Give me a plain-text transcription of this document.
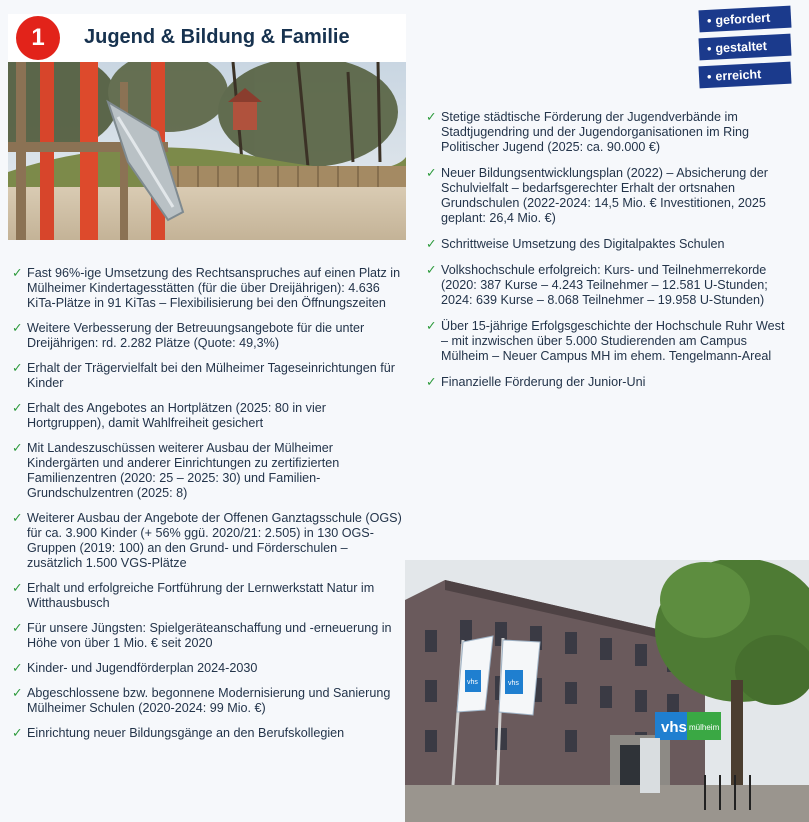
1	Jugend & Bildung & Familie
• gefordert
• gestaltet
• erreicht
✓ Fast 96%-ige Umsetzung des Rechtsanspruches auf einen Platz in Mülheimer Kindertagesstätten (für die über Dreijährigen): 4.636 KiTa-Plätze in 91 KiTas – Flexibilisierung bei den Öffnungszeiten
✓ Weitere Verbesserung der Betreuungsangebote für die unter Dreijährigen: rd. 2.282 Plätze (Quote: 49,3%)
✓ Erhalt der Trägervielfalt bei den Mülheimer Tageseinrichtungen für Kinder
✓ Erhalt des Angebotes an Hortplätzen (2025: 80 in vier Hortgruppen), damit Wahlfreiheit gesichert
✓ Mit Landeszuschüssen weiterer Ausbau der Mülheimer Kindergärten und anderer Einrichtungen zu zertifizierten Familienzentren (2020: 25 – 2025: 30) und Familien-Grundschulzentren (2025: 8)
✓ Weiterer Ausbau der Angebote der Offenen Ganztagsschule (OGS) für ca. 3.900 Kinder (+ 56% ggü. 2020/21: 2.505) in 130 OGS-Gruppen (2019: 100) an den Grund- und Förderschulen – zusätzlich 1.500 VGS-Plätze
✓ Erhalt und erfolgreiche Fortführung der Lernwerkstatt Natur im Witthausbusch
✓ Für unsere Jüngsten: Spielgeräteanschaffung und -erneuerung in Höhe von über 1 Mio. € seit 2020
✓ Kinder- und Jugendförderplan 2024-2030
✓ Abgeschlossene bzw. begonnene Modernisierung und Sanierung Mülheimer Schulen (2020-2024: 99 Mio. €)
✓ Einrichtung neuer Bildungsgänge an den Berufskollegien
✓ Stetige städtische Förderung der Jugendverbände im Stadtjugendring und der Jugendorganisationen im Ring Politischer Jugend (2025: ca. 90.000 €)
✓ Neuer Bildungsentwicklungsplan (2022) – Absicherung der Schulvielfalt – bedarfsgerechter Erhalt der ortsnahen Grundschulen (2022-2024: 14,5 Mio. € Investitionen, 2025 geplant: 26,4 Mio. €)
✓ Schrittweise Umsetzung des Digitalpaktes Schulen
✓ Volkshochschule erfolgreich: Kurs- und Teilnehmerrekorde (2020: 387 Kurse – 4.243 Teilnehmer – 12.581 U-Stunden; 2024: 639 Kurse – 8.068 Teilnehmer – 19.958 U-Stunden)
✓ Über 15-jährige Erfolgsgeschichte der Hochschule Ruhr West – mit inzwischen über 5.000 Studierenden am Campus Mülheim – Neuer Campus MH im ehem. Tengelmann-Areal
✓ Finanzielle Förderung der Junior-Uni
vhs mülheim
vhs	vhs
